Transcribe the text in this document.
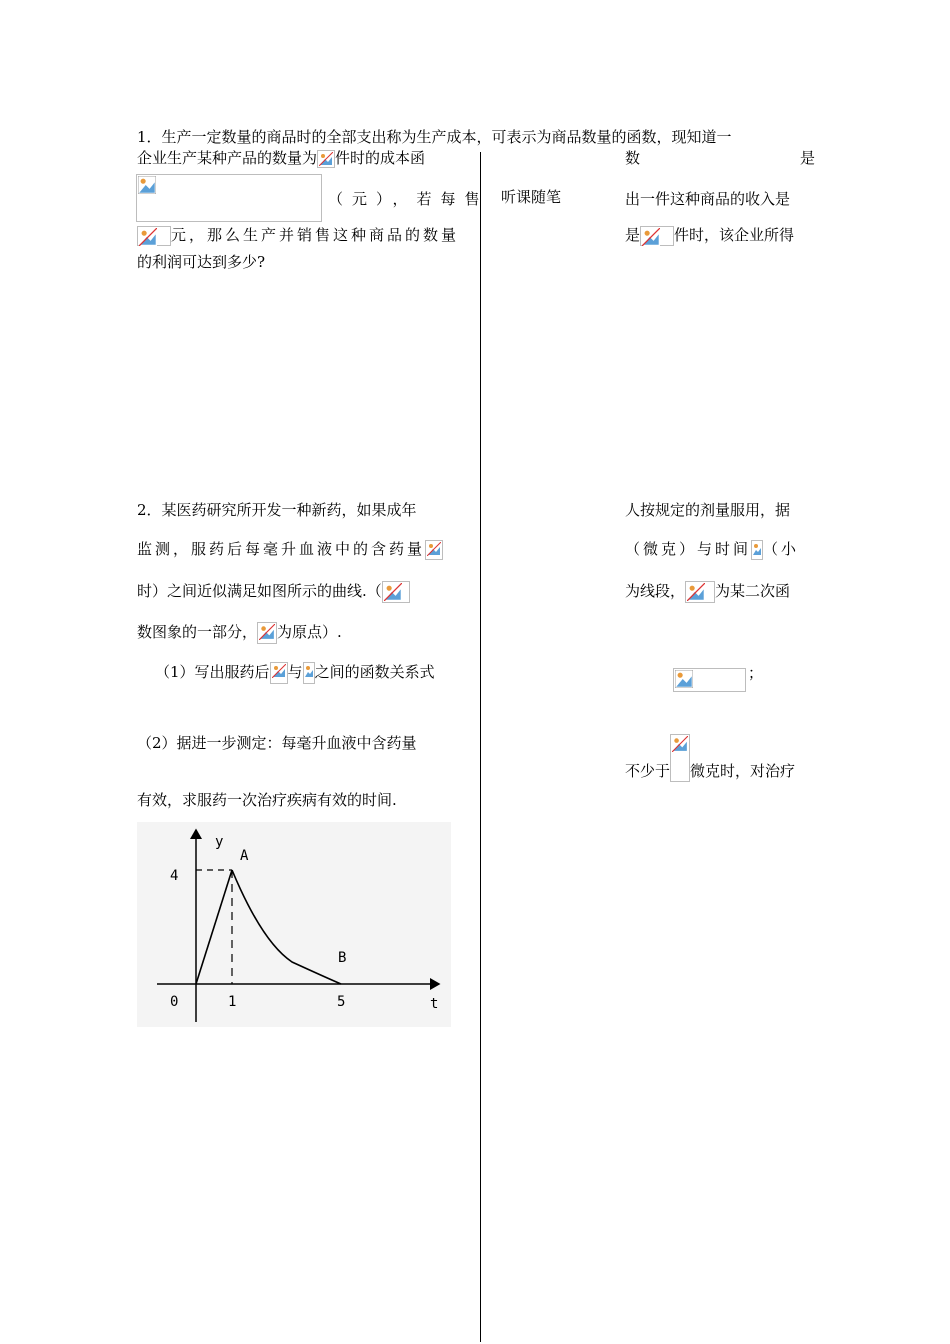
听课随笔
1．生产一定数量的商品时的全部支出称为生产成本，可表示为商品数量的函数，现知道一
企业生产某种产品的数量为 件时的成本函	数	是
（元），若每售	出一件这种商品的收入是
元，那么生产并销售这种商品的数量	是 件时，该企业所得
的利润可达到多少?
2．某医药研究所开发一种新药，如果成年	人按规定的剂量服用，据
监测，服药后每毫升血液中的含药量	（微克）与时间 （小
时）之间近似满足如图所示的曲线.（	为线段， 为某二次函
数图象的一部分， 为原点）.
（1）写出服药后 与 之间的函数关系式	；
（2）据进一步测定：每毫升血液中含药量
不少于 微克时，对治疗
有效，求服药一次治疗疾病有效的时间.
y
t
0
A
B
4
1	5
